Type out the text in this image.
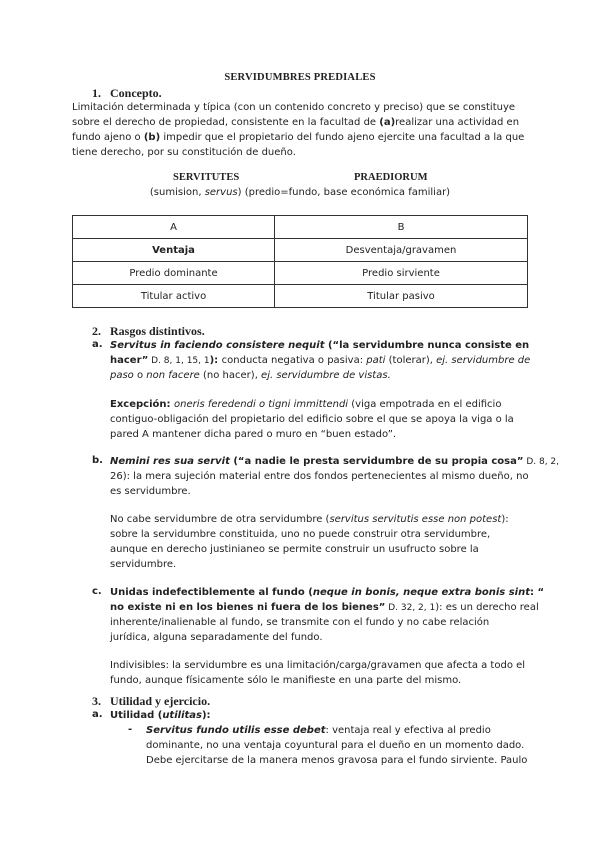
SERVIDUMBRES PREDIALES
1. Concepto.
Limitación determinada y típica (con un contenido concreto y preciso) que se constituye
sobre el derecho de propiedad, consistente en la facultad de (a)realizar una actividad en
fundo ajeno o (b) impedir que el propietario del fundo ajeno ejercite una facultad a la que
tiene derecho, por su constitución de dueño.
SERVITUTES	PRAEDIORUM
(sumision, servus) (predio=fundo, base económica familiar)
A	B
Ventaja	Desventaja/gravamen
Predio dominante	Predio sirviente
Titular activo	Titular pasivo
2. Rasgos distintivos.
a. Servitus in faciendo consistere nequit (“la servidumbre nunca consiste en
hacer” D. 8, 1, 15, 1): conducta negativa o pasiva: pati (tolerar), ej. servidumbre de
paso o non facere (no hacer), ej. servidumbre de vistas.
Excepción: oneris feredendi o tigni immittendi (viga empotrada en el edificio
contiguo-obligación del propietario del edificio sobre el que se apoya la viga o la
pared A mantener dicha pared o muro en “buen estado”.
b. Nemini res sua servit (“a nadie le presta servidumbre de su propia cosa” D. 8, 2,
26): la mera sujeción material entre dos fondos pertenecientes al mismo dueño, no
es servidumbre.
No cabe servidumbre de otra servidumbre (servitus servitutis esse non potest):
sobre la servidumbre constituida, uno no puede construir otra servidumbre,
aunque en derecho justinianeo se permite construir un usufructo sobre la
servidumbre.
c. Unidas indefectiblemente al fundo (neque in bonis, neque extra bonis sint: “
no existe ni en los bienes ni fuera de los bienes” D. 32, 2, 1): es un derecho real
inherente/inalienable al fundo, se transmite con el fundo y no cabe relación
jurídica, alguna separadamente del fundo.
Indivisibles: la servidumbre es una limitación/carga/gravamen que afecta a todo el
fundo, aunque físicamente sólo le manifieste en una parte del mismo.
3. Utilidad y ejercicio.
a. Utilidad (utilitas):
- Servitus fundo utilis esse debet: ventaja real y efectiva al predio
dominante, no una ventaja coyuntural para el dueño en un momento dado.
Debe ejercitarse de la manera menos gravosa para el fundo sirviente. Paulo
